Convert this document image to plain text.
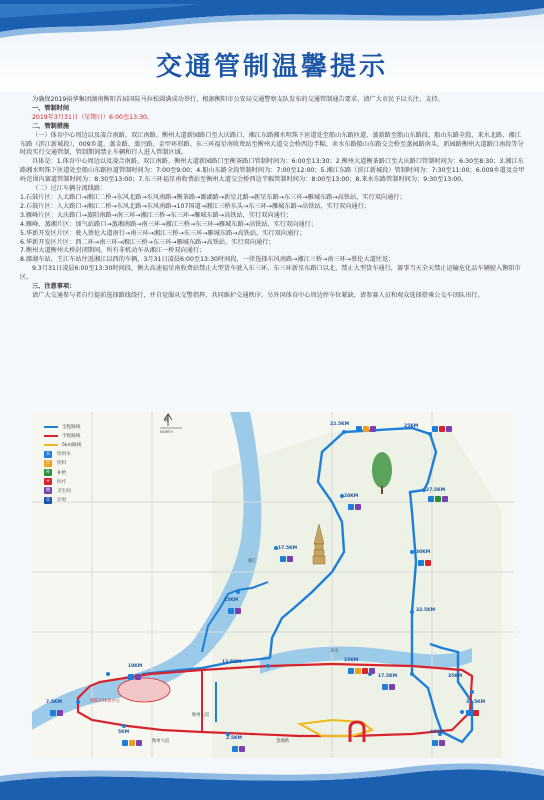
交通管制温馨提示

为确保2019裕华集团湖南衡阳首届国际马拉松圆满成功举行，根据衡阳市公安局交通警察支队发布的交通管制通告要求，请广大市民予以关注、支持。

一、管制时间

2019年3月31日（星期日）6:00至13:30。

二、管制措施

（一）体育中心周边以及凌合南路、双江南路、衡州大道新园路口至大庆路口、湘江东路湘水明珠下匝道处至船山东路匝道、蒸新路至船山东路段、船山东路全段、来水北路、湘江东路（滨江新城段），009乡道、蒸金路、蒸兴路、金甲环形路、东三环福星南收费站至衡州大道交会桥西边半幅、耒水东路船山东路交会桥至蒸园路南头、新园路衡州大道路口南段等分时段实行交通管制，管制期间禁止车辆和行人进入管制区域。

具体是：1.体育中心周边以及凌合南路、双江南路、衡州大道新园路口至衡茶路口管制时间为：6:00至13:30；2.衡州大道衡茶路口至大庆路口管制时间为：6:30至8:30；3.湘江东路湘水明珠下匝道处至船山东路匝道管制时间为：7:00至9:00；4.船山东路全段管制时间为：7:00至12:00；5.湘江东路（滨江新城段）管制时间为：7:30至11:00；6.009乡道及金甲岭范围内赛道管制时间为：8:30至13:00；7.东三环福星南收费站至衡州大道交会桥西边半幅管制时间为：8:00至13:00；8.来水东路管制时间为：9:30至13:00。

（二）过江车辆分流线路：

1.石鼓片区：人大路口→湘江二桥→东风北路→东风南路→衡茶路→鄙湖路→新星北路→新星东路→东三环→雁城东路→高铁站，实行双向通行；

2.石鼓片区：人大路口→湘江二桥→东风北路→东风南路→107国道→湘江三桥东头→东三环→雁城东路→高铁站，实行双向通行；

3.雁峰片区：大庆路口→蒸阳南路→南三环→湘江三桥→东三环→雁城东路→高铁站，实行双向通行；

4.雁峰、蒸湘片区：加气站路口→蒸湘南路→南三环→湘江三桥→东三环→雁城东路→高铁站，实行双向通行；

5.华新开发区片区：驶入蔡伦大道南行→南三环→湘江三桥→东三环→雁城东路→高铁站，实行双向通行；

6.华新开发区片区：西二环→南三环→湘江三桥→东三环→雁城东路→高铁站，实行双向通行；

7.衡州大道衡州大桥封闭期间，所有非机动车从湘江一桥双向通行；

8.鄙湖车站、王江车站往返湘江以西的车辆，3月31日凌晨6:00至13:30时间段，一律选择东风南路→湘江三桥→南三环→蔡伦大道往返；

9.3月31日凌晨6:00至13:30时间段，衡大高速福星南收费站禁止大型货车驶入东三环、东三环新星东路口以北，禁止大型货车通行，赛事当天全天禁止运输危化品车辆驶入衡阳市区。

三、注意事项：

请广大交通参与者自行提前选择路线绕行，并自觉服从交警指挥，共同维护交通秩序。另外国体育中心周边停车位紧缺，请参赛人员和观众选择搭乘公交车团队出行。

全程路线
半程路线
5km路线
水	饮用水
饮	饮料
补	补给
+	医疗
厕	卫生间
⏱	计时
北
NORTH
22.5KM	25KM
20KM
27.5KM
17.5KM
30KM
15KM
32.5KM
10KM
12.5KM	15KM
17.5KM	35KM
7.5KM	37.5KM
5KM
2.5KM
40KM
湘江
耒水
衡阳市体育中心
衡州大道	蒸湘路
衡州大道
